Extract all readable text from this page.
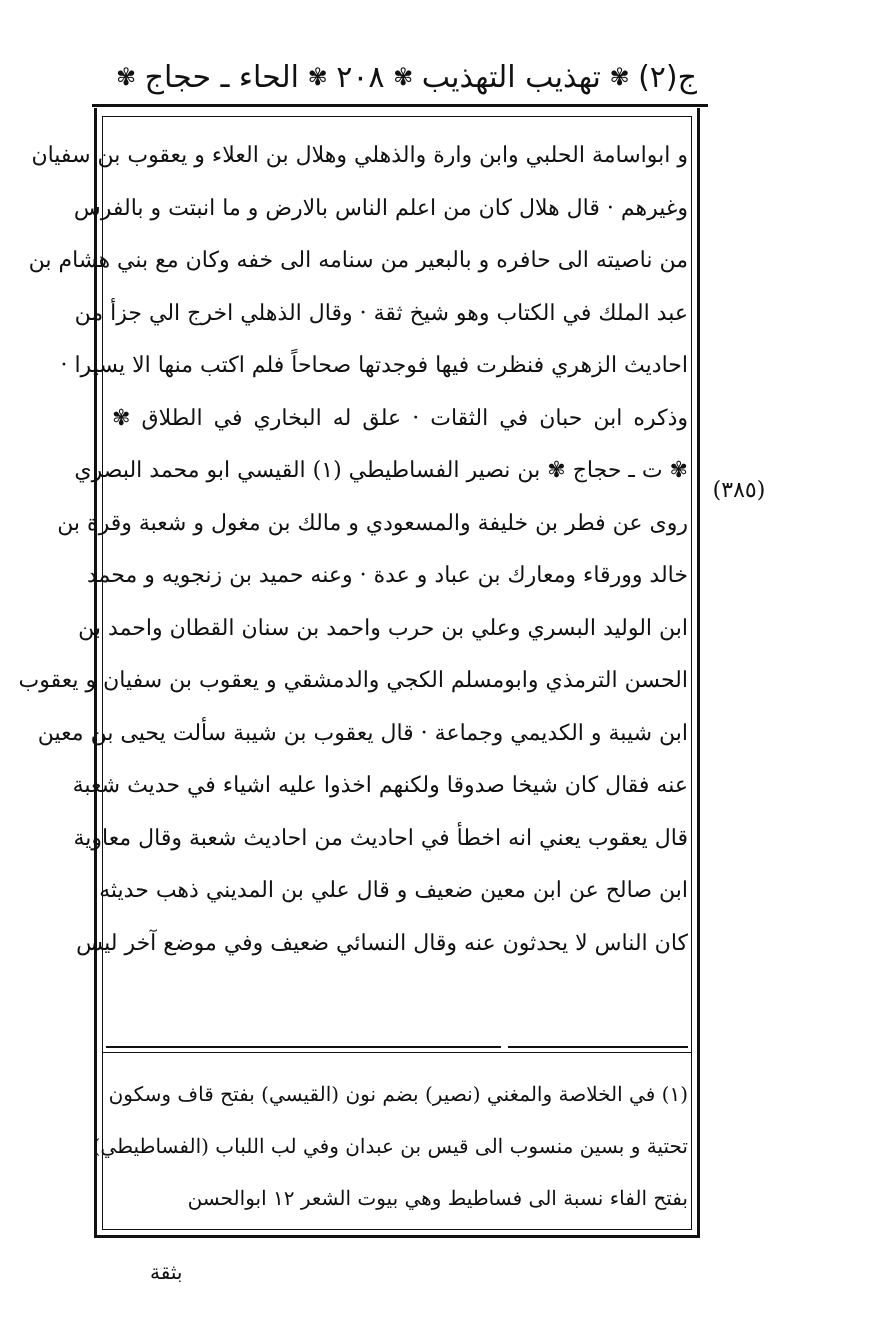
ج(٢)
✾
تهذيب التهذيب
✾
٢٠٨
✾
الحاء ـ حجاج
✾
و ابواسامة الحلبي وابن وارة والذهلي وهلال بن العلاء و يعقوب بن سفيان
وغيرهم · قال هلال كان من اعلم الناس بالارض و ما انبتت و بالفرس
من ناصيته الى حافره و بالبعير من سنامه الى خفه وكان مع بني هشام بن
عبد الملك في الكتاب وهو شيخ ثقة · وقال الذهلي اخرج الي جزأ من
احاديث الزهري فنظرت فيها فوجدتها صحاحاً فلم اكتب منها الا يسيرا ·
وذكره ابن حبان في الثقات · علق له البخاري في الطلاق ✾
✾ ت ـ حجاج ✾ بن نصير الفساطيطي (١) القيسي ابو محمد البصري
روى عن فطر بن خليفة والمسعودي و مالك بن مغول و شعبة وقرة بن
خالد وورقاء ومعارك بن عباد و عدة · وعنه حميد بن زنجويه و محمد
ابن الوليد البسري وعلي بن حرب واحمد بن سنان القطان واحمد بن
الحسن الترمذي وابومسلم الكجي والدمشقي و يعقوب بن سفيان و يعقوب
ابن شيبة و الكديمي وجماعة · قال يعقوب بن شيبة سألت يحيى بن معين
عنه فقال كان شيخا صدوقا ولكنهم اخذوا عليه اشياء في حديث شعبة
قال يعقوب يعني انه اخطأ في احاديث من احاديث شعبة وقال معاوية
ابن صالح عن ابن معين ضعيف و قال علي بن المديني ذهب حديثه
كان الناس لا يحدثون عنه وقال النسائي ضعيف وفي موضع آخر ليس
(٣٨٥)
(١) في الخلاصة والمغني (نصير) بضم نون (القيسي) بفتح قاف وسكون
تحتية و بسين منسوب الى قيس بن عبدان وفي لب اللباب (الفساطيطي)
بفتح الفاء نسبة الى فساطيط وهي بيوت الشعر ١٢ ابوالحسن
بثقة
